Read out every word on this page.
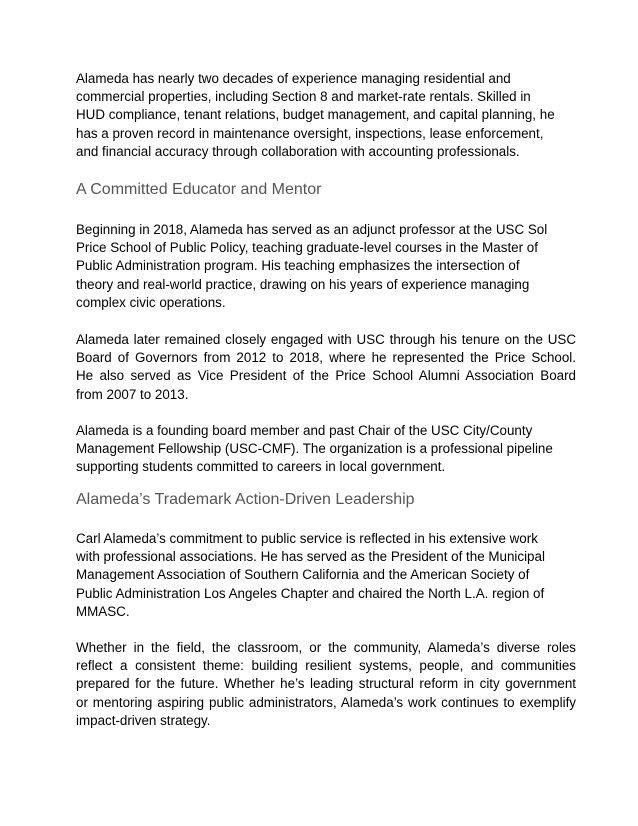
Alameda has nearly two decades of experience managing residential and
commercial properties, including Section 8 and market-rate rentals. Skilled in
HUD compliance, tenant relations, budget management, and capital planning, he
has a proven record in maintenance oversight, inspections, lease enforcement,
and financial accuracy through collaboration with accounting professionals.
A Committed Educator and Mentor
Beginning in 2018, Alameda has served as an adjunct professor at the USC Sol
Price School of Public Policy, teaching graduate-level courses in the Master of
Public Administration program. His teaching emphasizes the intersection of
theory and real-world practice, drawing on his years of experience managing
complex civic operations.
Alameda later remained closely engaged with USC through his tenure on the USC
Board of Governors from 2012 to 2018, where he represented the Price School.
He also served as Vice President of the Price School Alumni Association Board
from 2007 to 2013.
Alameda is a founding board member and past Chair of the USC City/County
Management Fellowship (USC-CMF). The organization is a professional pipeline
supporting students committed to careers in local government.
Alameda’s Trademark Action-Driven Leadership
Carl Alameda’s commitment to public service is reflected in his extensive work
with professional associations. He has served as the President of the Municipal
Management Association of Southern California and the American Society of
Public Administration Los Angeles Chapter and chaired the North L.A. region of
MMASC.
Whether in the field, the classroom, or the community, Alameda’s diverse roles
reflect a consistent theme: building resilient systems, people, and communities
prepared for the future. Whether he’s leading structural reform in city government
or mentoring aspiring public administrators, Alameda’s work continues to exemplify
impact-driven strategy.
